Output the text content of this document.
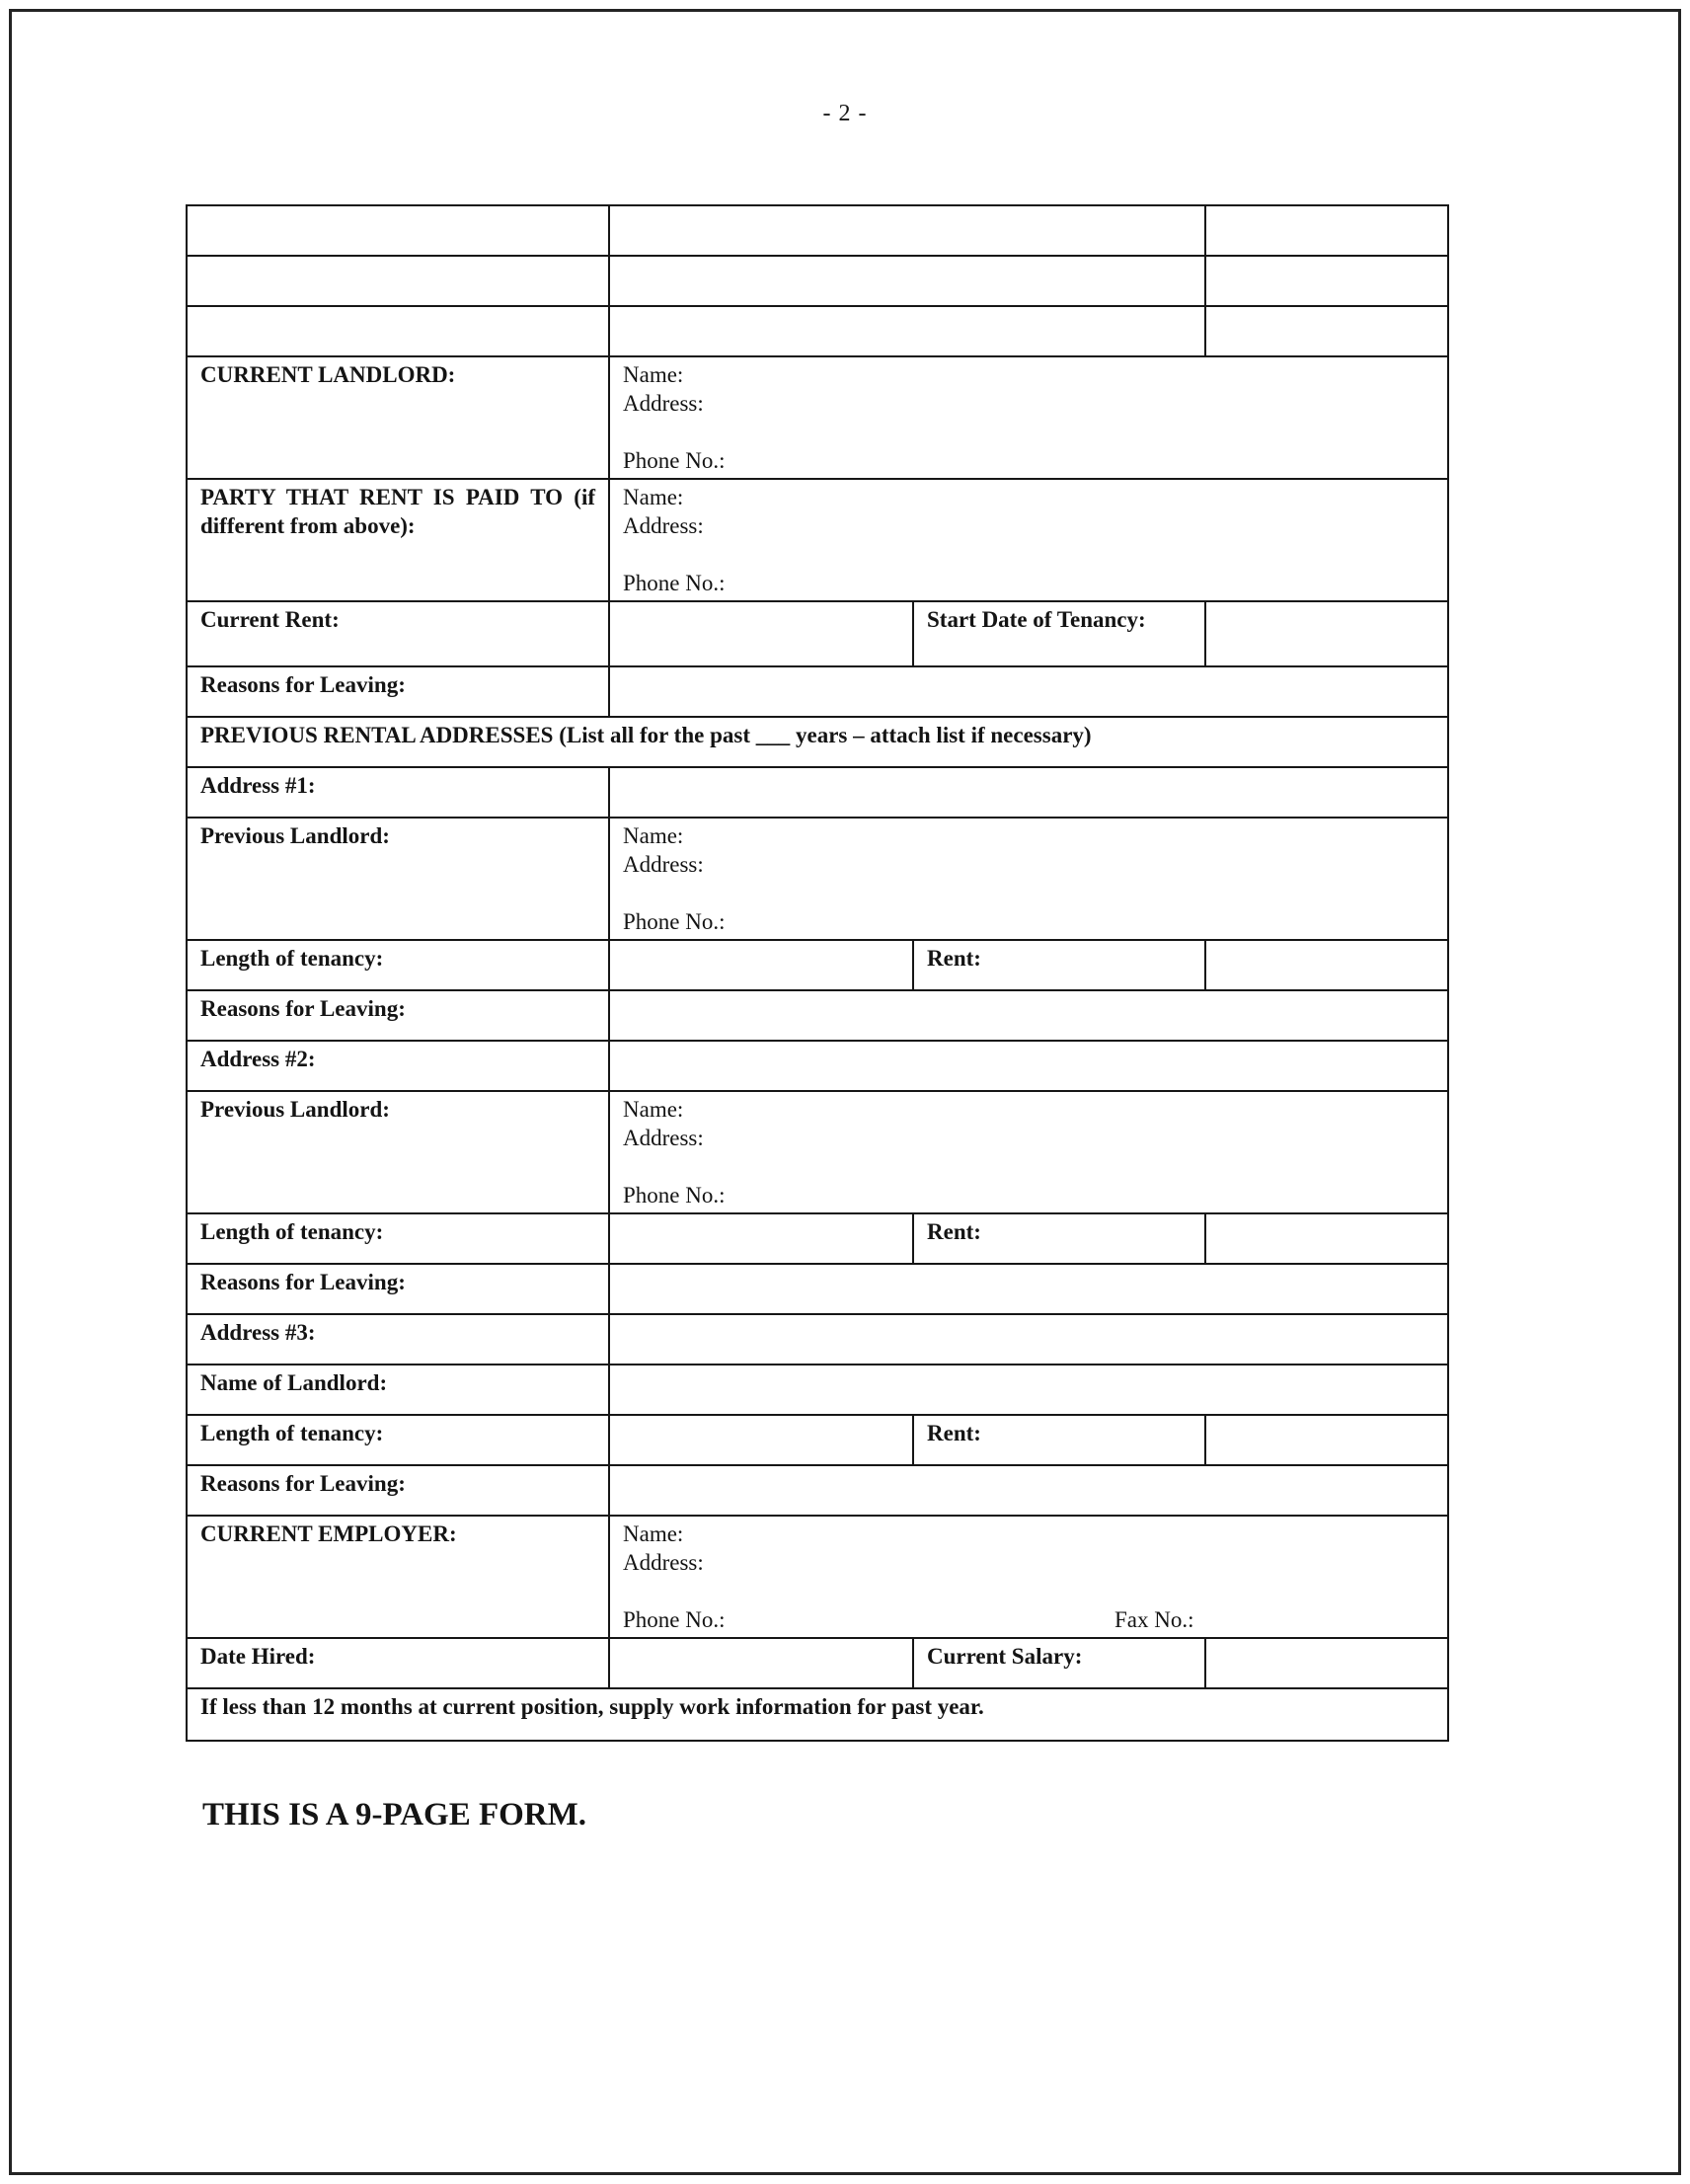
- 2 -

CURRENT LANDLORD:	Name:
Address:
Phone No.:		

PARTY THAT RENT IS PAID TO (if different from above):	Name:
Address:
Phone No.:		

Current Rent:		Start Date of Tenancy:	
Reasons for Leaving:			
PREVIOUS RENTAL ADDRESSES (List all for the past ___ years – attach list if necessary)			
Address #1:			
Previous Landlord:	Name:
Address:
Phone No.:		

Length of tenancy:		Rent:	
Reasons for Leaving:			
Address #2:			
Previous Landlord:	Name:
Address:
Phone No.:		

Length of tenancy:		Rent:	
Reasons for Leaving:			
Address #3:			
Name of Landlord:			
Length of tenancy:		Rent:	
Reasons for Leaving:			
CURRENT EMPLOYER:	Name:
Address:
Phone No.: Fax No.:		

Date Hired:		Current Salary:	
If less than 12 months at current position, supply work information for past year.			
THIS IS A 9-PAGE FORM.
